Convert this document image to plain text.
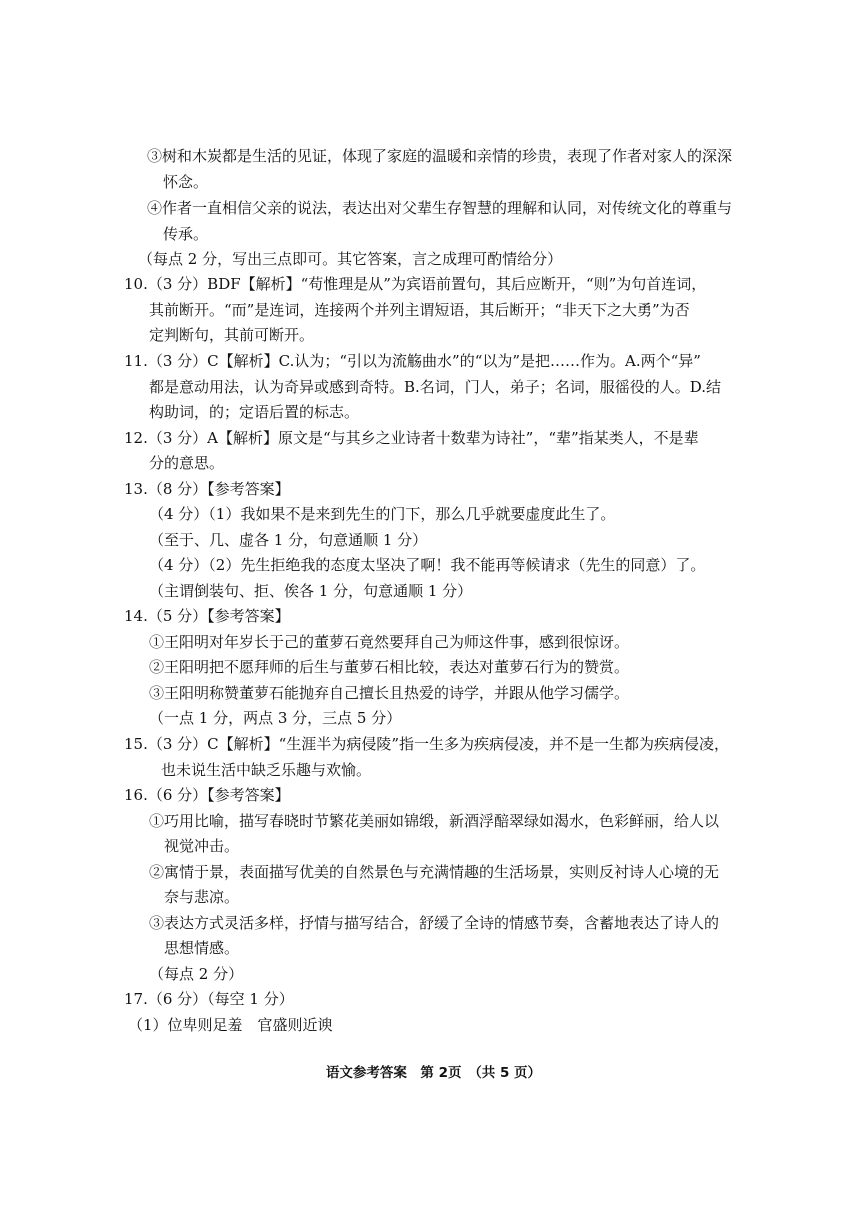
③树和木炭都是生活的见证，体现了家庭的温暖和亲情的珍贵，表现了作者对家人的深深
怀念。
④作者一直相信父亲的说法，表达出对父辈生存智慧的理解和认同，对传统文化的尊重与
传承。
（每点 2 分，写出三点即可。其它答案，言之成理可酌情给分）
10.（3 分）BDF【解析】“苟惟理是从”为宾语前置句，其后应断开，“则”为句首连词，
其前断开。“而”是连词，连接两个并列主谓短语，其后断开；“非天下之大勇”为否
定判断句，其前可断开。
11.（3 分）C【解析】C.认为；“引以为流觞曲水”的“以为”是把……作为。A.两个“异”
都是意动用法，认为奇异或感到奇特。B.名词，门人，弟子；名词，服徭役的人。D.结
构助词，的；定语后置的标志。
12.（3 分）A【解析】原文是“与其乡之业诗者十数辈为诗社”，“辈”指某类人，不是辈
分的意思。
13.（8 分）【参考答案】
（4 分）（1）我如果不是来到先生的门下，那么几乎就要虚度此生了。
（至于、几、虚各 1 分，句意通顺 1 分）
（4 分）（2）先生拒绝我的态度太坚决了啊！我不能再等候请求（先生的同意）了。
（主谓倒装句、拒、俟各 1 分，句意通顺 1 分）
14.（5 分）【参考答案】
①王阳明对年岁长于己的董萝石竟然要拜自己为师这件事，感到很惊讶。
②王阳明把不愿拜师的后生与董萝石相比较，表达对董萝石行为的赞赏。
③王阳明称赞董萝石能抛弃自己擅长且热爱的诗学，并跟从他学习儒学。
（一点 1 分，两点 3 分，三点 5 分）
15.（3 分）C【解析】“生涯半为病侵陵”指一生多为疾病侵凌，并不是一生都为疾病侵凌，
也未说生活中缺乏乐趣与欢愉。
16.（6 分）【参考答案】
①巧用比喻，描写春晓时节繁花美丽如锦缎，新酒浮醅翠绿如渴水，色彩鲜丽，给人以
视觉冲击。
②寓情于景，表面描写优美的自然景色与充满情趣的生活场景，实则反衬诗人心境的无
奈与悲凉。
③表达方式灵活多样，抒情与描写结合，舒缓了全诗的情感节奏，含蓄地表达了诗人的
思想情感。
（每点 2 分）
17.（6 分）（每空 1 分）
（1）位卑则足羞　官盛则近谀
语文参考答案　第 2页　（共 5 页）
